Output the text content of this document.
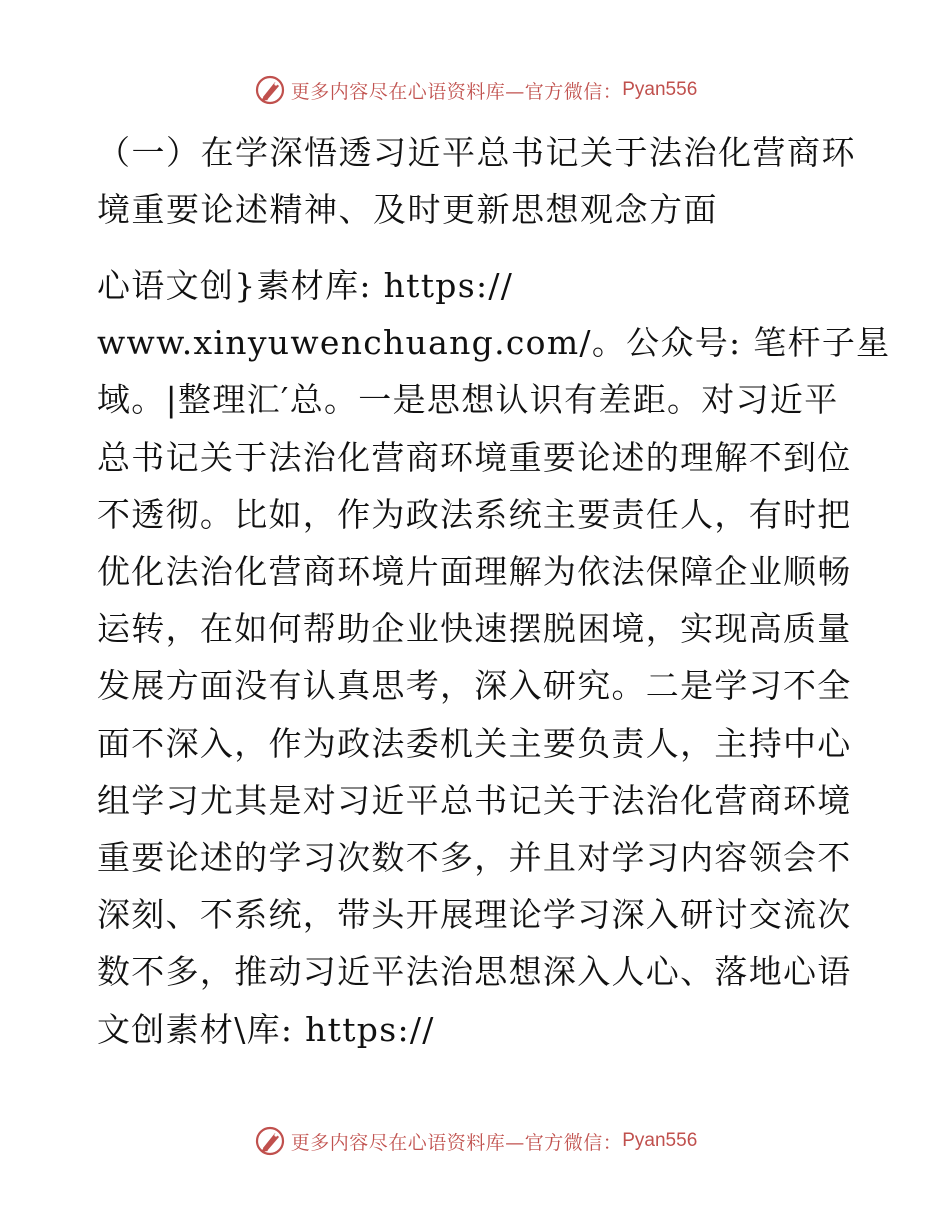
更多内容尽在心语资料库—官方微信： Pyan556
（一）在学深悟透习近平总书记关于法治化营商环境重要论述精神、及时更新思想观念方面

心语文创}素材库: https://

www.xinyuwenchuang.com/。公众号: 笔杆子星

域。|整理汇′总。一是思想认识有差距。对习近平

总书记关于法治化营商环境重要论述的理解不到位

不透彻。比如，作为政法系统主要责任人，有时把

优化法治化营商环境片面理解为依法保障企业顺畅

运转，在如何帮助企业快速摆脱困境，实现高质量

发展方面没有认真思考，深入研究。二是学习不全

面不深入，作为政法委机关主要负责人，主持中心

组学习尤其是对习近平总书记关于法治化营商环境

重要论述的学习次数不多，并且对学习内容领会不

深刻、不系统，带头开展理论学习深入研讨交流次

数不多，推动习近平法治思想深入人心、落地心语

文创素材\库: https://

更多内容尽在心语资料库—官方微信： Pyan556
